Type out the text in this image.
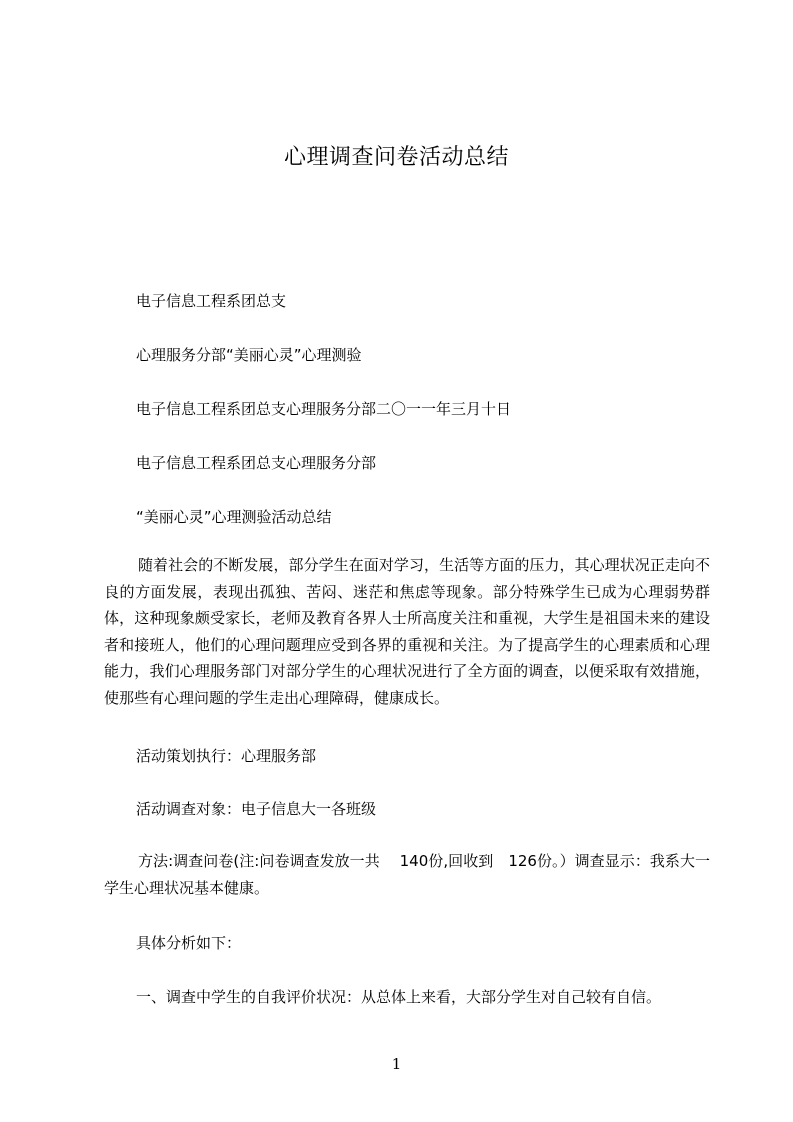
心理调查问卷活动总结
电子信息工程系团总支
心理服务分部“美丽心灵”心理测验
电子信息工程系团总支心理服务分部二〇一一年三月十日
电子信息工程系团总支心理服务分部
“美丽心灵”心理测验活动总结
随着社会的不断发展，部分学生在面对学习，生活等方面的压力，其心理状况正走向不良的方面发展，表现出孤独、苦闷、迷茫和焦虑等现象。部分特殊学生已成为心理弱势群体，这种现象颇受家长，老师及教育各界人士所高度关注和重视，大学生是祖国未来的建设者和接班人，他们的心理问题理应受到各界的重视和关注。为了提高学生的心理素质和心理能力，我们心理服务部门对部分学生的心理状况进行了全方面的调查，以便采取有效措施，使那些有心理问题的学生走出心理障碍，健康成长。
活动策划执行：心理服务部
活动调查对象：电子信息大一各班级
方法:调查问卷(注:问卷调查发放一共　 140份,回收到　126份。）调查显示：我系大一学生心理状况基本健康。
具体分析如下：
一、调查中学生的自我评价状况：从总体上来看，大部分学生对自己较有自信。
1
